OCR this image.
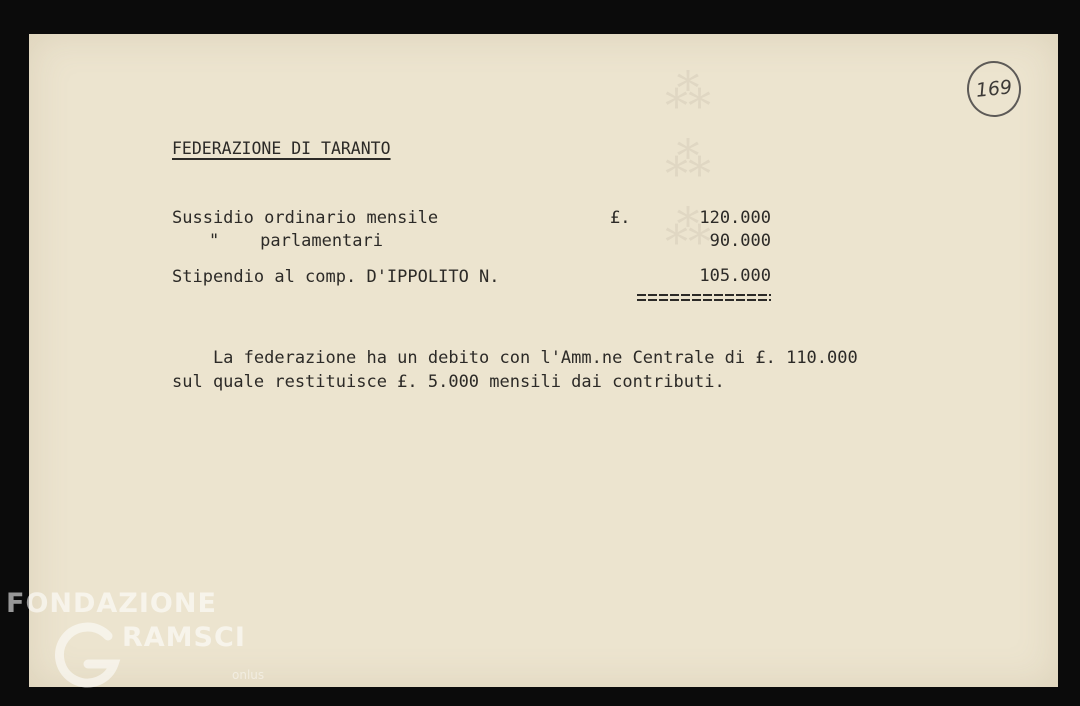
⁂⁂⁂	169
FEDERAZIONE DI TARANTO
Sussidio ordinario mensile	£.	120.000
"    parlamentari	90.000
Stipendio al comp. D'IPPOLITO N.	105.000
La federazione ha un debito con l'Amm.ne Centrale di £. 110.000
sul quale restituisce £. 5.000 mensili dai contributi.
FONDAZIONE
RAMSCI
onlus
